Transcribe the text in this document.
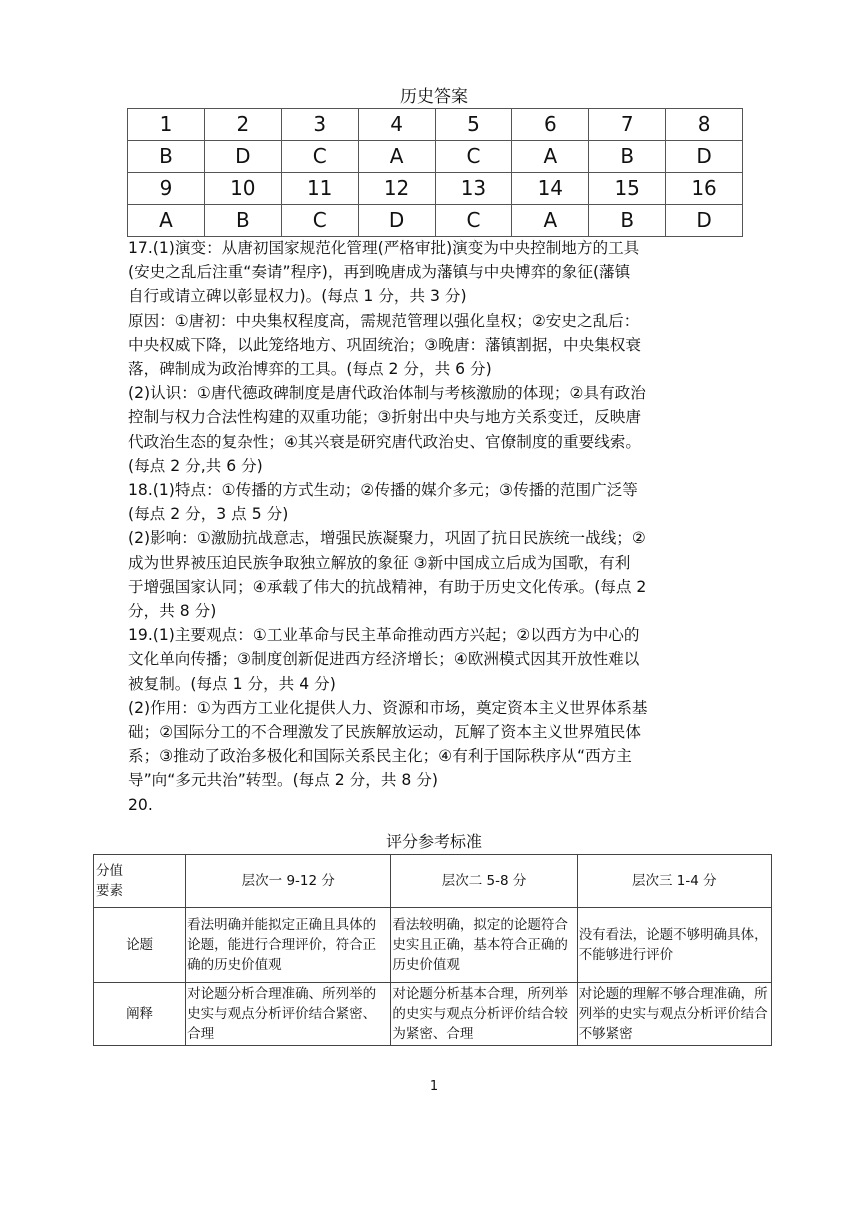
历史答案
1	2	3	4	5	6	7	8
B	D	C	A	C	A	B	D
9	10	11	12	13	14	15	16
A	B	C	D	C	A	B	D

17.(1)演变：从唐初国家规范化管理(严格审批)演变为中央控制地方的工具

(安史之乱后注重“奏请”程序)，再到晚唐成为藩镇与中央博弈的象征(藩镇

自行或请立碑以彰显权力)。(每点 1 分，共 3 分)

原因：①唐初：中央集权程度高，需规范管理以强化皇权；②安史之乱后：

中央权威下降，以此笼络地方、巩固统治；③晚唐：藩镇割据，中央集权衰

落，碑制成为政治博弈的工具。(每点 2 分，共 6 分)

(2)认识：①唐代德政碑制度是唐代政治体制与考核激励的体现；②具有政治

控制与权力合法性构建的双重功能；③折射出中央与地方关系变迁，反映唐

代政治生态的复杂性；④其兴衰是研究唐代政治史、官僚制度的重要线索。

(每点 2 分,共 6 分)

18.(1)特点：①传播的方式生动；②传播的媒介多元；③传播的范围广泛等

(每点 2 分，3 点 5 分)

(2)影响：①激励抗战意志，增强民族凝聚力，巩固了抗日民族统一战线；②

成为世界被压迫民族争取独立解放的象征 ③新中国成立后成为国歌，有利

于增强国家认同；④承载了伟大的抗战精神，有助于历史文化传承。(每点 2

分，共 8 分)

19.(1)主要观点：①工业革命与民主革命推动西方兴起；②以西方为中心的

文化单向传播；③制度创新促进西方经济增长；④欧洲模式因其开放性难以

被复制。(每点 1 分，共 4 分)

(2)作用：①为西方工业化提供人力、资源和市场，奠定资本主义世界体系基

础；②国际分工的不合理激发了民族解放运动，瓦解了资本主义世界殖民体

系；③推动了政治多极化和国际关系民主化；④有利于国际秩序从“西方主

导”向“多元共治”转型。(每点 2 分，共 8 分)

20.

评分参考标准
分值
要素	层次一 9-12 分	层次二 5-8 分	层次三 1-4 分
论题	看法明确并能拟定正确且具体的论题，能进行合理评价，符合正确的历史价值观	看法较明确，拟定的论题符合史实且正确，基本符合正确的历史价值观	没有看法，论题不够明确具体，不能够进行评价
阐释	对论题分析合理准确、所列举的史实与观点分析评价结合紧密、合理	对论题分析基本合理，所列举的史实与观点分析评价结合较为紧密、合理	对论题的理解不够合理准确，所列举的史实与观点分析评价结合不够紧密
1
